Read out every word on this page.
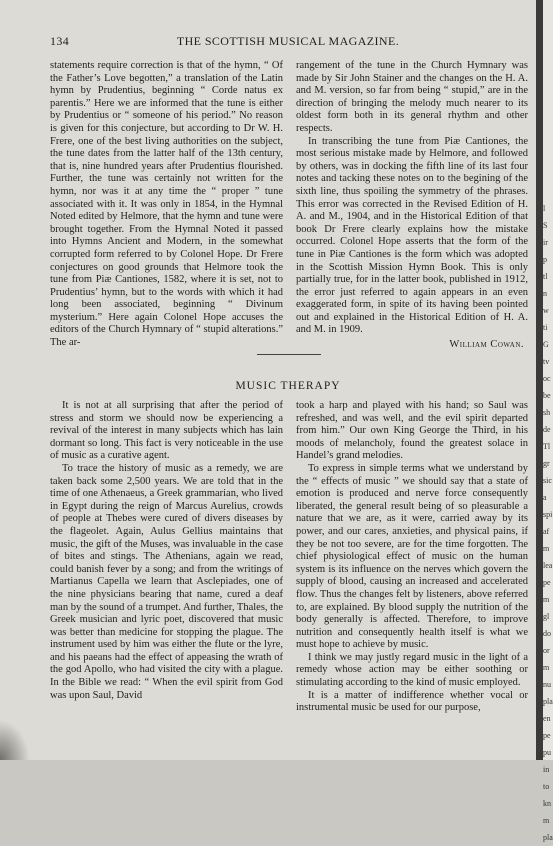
134	THE SCOTTISH MUSICAL MAGAZINE.

statements require correction is that of the hymn, “ Of the Father’s Love begotten,” a translation of the Latin hymn by Prudentius, beginning “ Corde natus ex parentis.” Here we are informed that the tune is either by Prudentius or “ someone of his period.” No reason is given for this conjecture, but according to Dr W. H. Frere, one of the best living authorities on the subject, the tune dates from the latter half of the 13th century, that is, nine hundred years after Prudentius flourished. Further, the tune was certainly not written for the hymn, nor was it at any time the “ proper ” tune associated with it. It was only in 1854, in the Hymnal Noted edited by Helmore, that the hymn and tune were brought together. From the Hymnal Noted it passed into Hymns Ancient and Modern, in the somewhat corrupted form referred to by Colonel Hope. Dr Frere conjectures on good grounds that Helmore took the tune from Piæ Cantiones, 1582, where it is set, not to Prudentius’ hymn, but to the words with which it had long been associated, beginning “ Divinum mysterium.” Here again Colonel Hope accuses the editors of the Church Hymnary of “ stupid alterations.” The ar-

rangement of the tune in the Church Hymnary was made by Sir John Stainer and the changes on the H. A. and M. version, so far from being “ stupid,” are in the direction of bringing the melody much nearer to its oldest form both in its general rhythm and other respects.

In transcribing the tune from Piæ Cantiones, the most serious mistake made by Helmore, and followed by others, was in docking the fifth line of its last four notes and tacking these notes on to the begining of the sixth line, thus spoiling the symmetry of the phrases. This error was corrected in the Revised Edition of H. A. and M., 1904, and in the Historical Edition of that book Dr Frere clearly explains how the mistake occurred. Colonel Hope asserts that the form of the tune in Piæ Cantiones is the form which was adopted in the Scottish Mission Hymn Book. This is only partially true, for in the latter book, published in 1912, the error just referred to again appears in an even exaggerated form, in spite of its having been pointed out and explained in the Historical Edition of H. A. and M. in 1909.

William Cowan.
MUSIC THERAPY

It is not at all surprising that after the period of stress and storm we should now be experiencing a revival of the interest in many subjects which has lain dormant so long. This fact is very noticeable in the use of music as a curative agent.

To trace the history of music as a remedy, we are taken back some 2,500 years. We are told that in the time of one Athenaeus, a Greek grammarian, who lived in Egypt during the reign of Marcus Aurelius, crowds of people at Thebes were cured of divers diseases by the flageolet. Again, Aulus Gellius maintains that music, the gift of the Muses, was invaluable in the case of bites and stings. The Athenians, again we read, could banish fever by a song; and from the writings of Martianus Capella we learn that Asclepiades, one of the nine physicians bearing that name, cured a deaf man by the sound of a trumpet. And further, Thales, the Greek musician and lyric poet, discovered that music was better than medicine for stopping the plague. The instrument used by him was either the flute or the lyre, and his paeans had the effect of appeasing the wrath of the god Apollo, who had visited the city with a plague. In the Bible we read: “ When the evil spirit from God was upon Saul, David

took a harp and played with his hand; so Saul was refreshed, and was well, and the evil spirit departed from him.” Our own King George the Third, in his moods of melancholy, found the greatest solace in Handel’s grand melodies.

To express in simple terms what we understand by the “ effects of music ” we should say that a state of emotion is produced and nerve force consequently liberated, the general result being of so pleasurable a nature that we are, as it were, carried away by its power, and our cares, anxieties, and physical pains, if they be not too severe, are for the time forgotten. The chief physiological effect of music on the human system is its influence on the nerves which govern the supply of blood, causing an increased and accelerated flow. Thus the changes felt by listeners, above referred to, are explained. By blood supply the nutrition of the body generally is affected. Therefore, to improve nutrition and consequently health itself is what we must hope to achieve by music.

I think we may justly regard music in the light of a remedy whose action may be either soothing or stimulating according to the kind of music employed.

It is a matter of indifference whether vocal or instrumental music be used for our purpose,

l
S
ir
p
tl
n
w
ti
G
tv
oc
be
sh
de
Tl
gr
sic
a
spi
af
m
lea
pe
m
gl
do
or
m
nu
pla
en
pe
pu
in
to
kn
m
pla
